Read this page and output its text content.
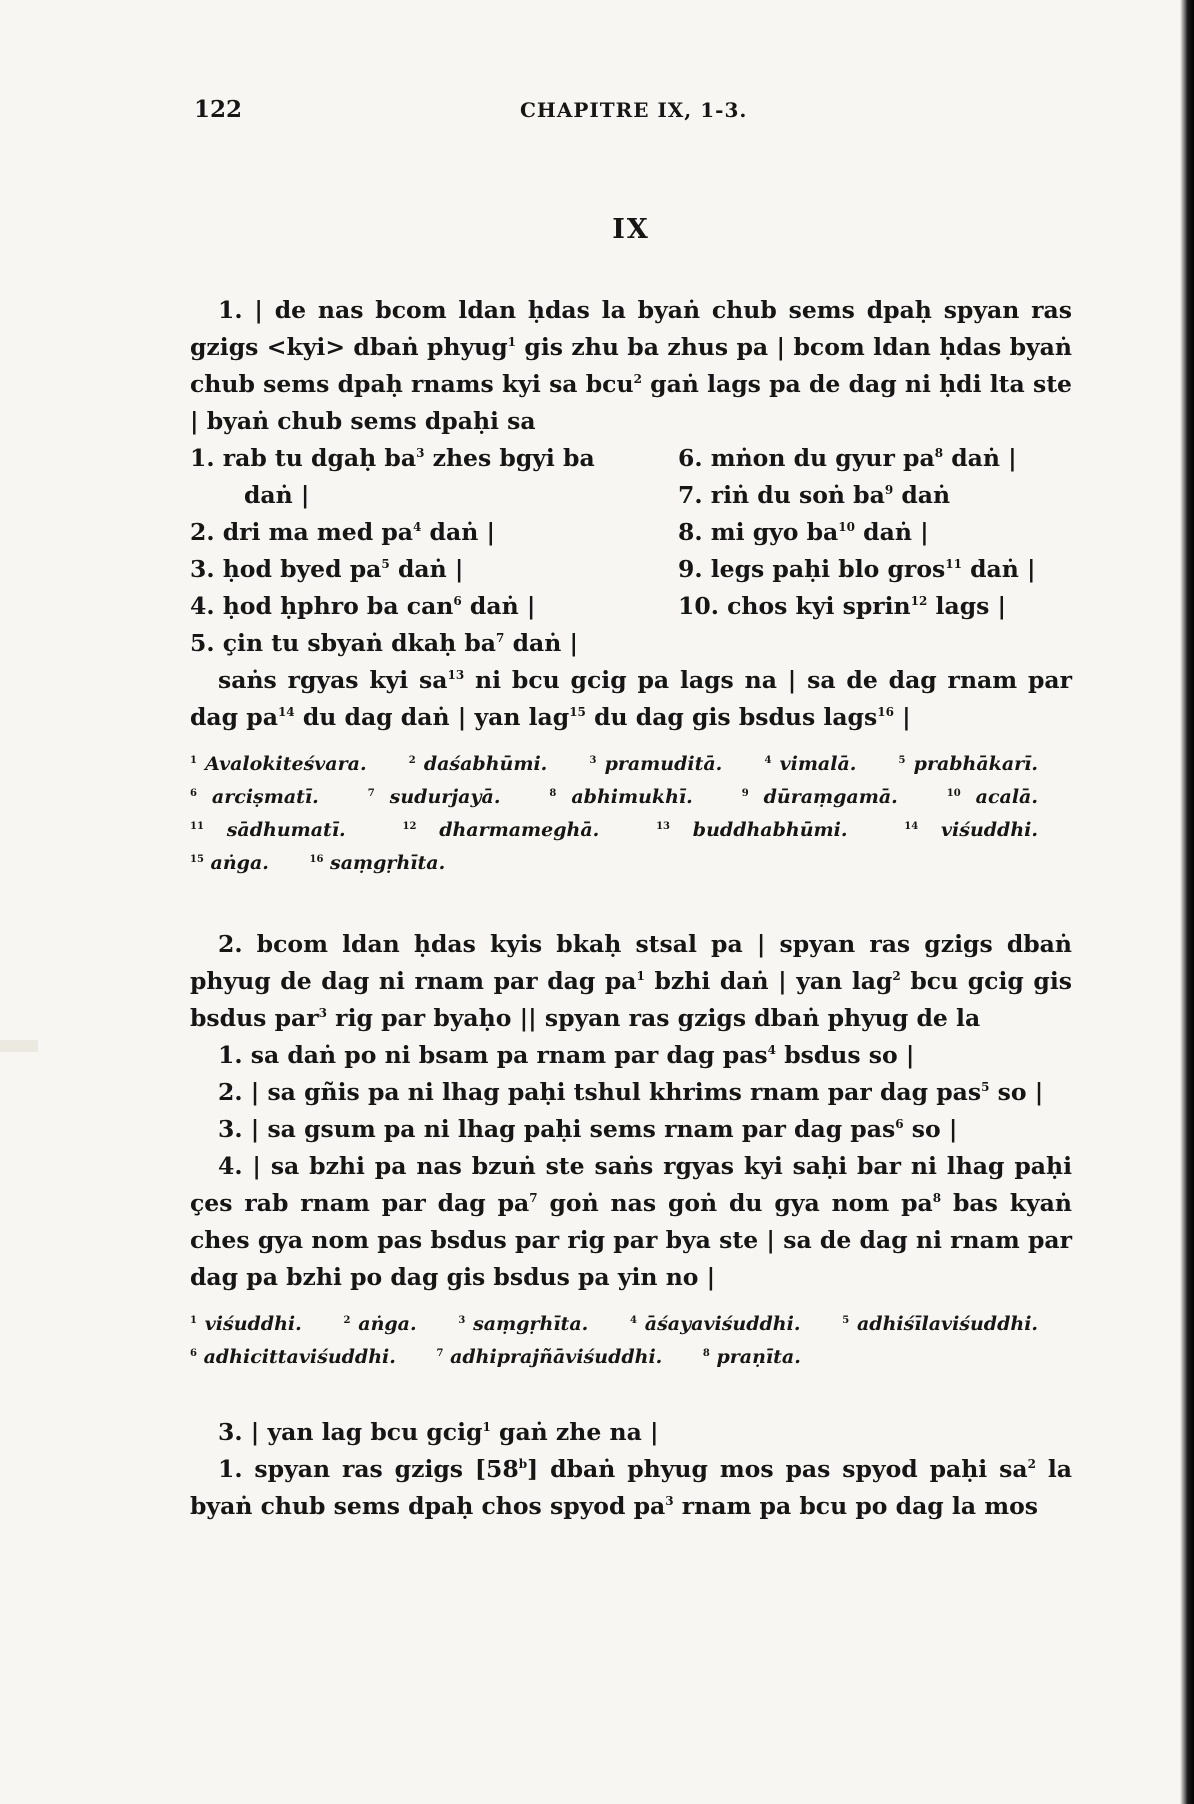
122	CHAPITRE IX, 1-3.
IX

1. | de nas bcom ldan ḥdas la byaṅ chub sems dpaḥ spyan ras gzigs <kyi> dbaṅ phyug$^1$ gis zhu ba zhus pa | bcom ldan ḥdas byaṅ chub sems dpaḥ rnams kyi sa bcu$^2$ gaṅ lags pa de dag ni ḥdi lta ste | byaṅ chub sems dpaḥi sa

1. rab tu dgaḥ $ba^3$ zhes bgyi ba
daṅ |
2. dri ma med $pa^4$ daṅ |
3. ḥod byed $pa^5$ daṅ |
4. ḥod ḥphro ba can$^6$ daṅ |
5. çin tu sbyaṅ dkaḥ $ba^7$ daṅ |
6. mṅon du gyur $pa^8$ daṅ |
7. riṅ du soṅ $ba^9$ daṅ
8. mi gyo $ba^{10}$ daṅ |
9. legs paḥi blo gros$^{11}$ daṅ |
10. chos kyi sprin$^{12}$ lags |

saṅs rgyas kyi $sa^{13}$ ni bcu gcig pa lags na | sa de dag rnam par dag $pa^{14}$ du dag daṅ | yan lag$^{15}$ du dag gis bsdus lags$^{16}$ |

$^1$ Avalokiteśvara.	$^2$ daśabhūmi.	$^3$ pramuditā.	$^4$ vimalā.	$^5$ prabhākarī. $^6$ arciṣmatī.	$^7$ sudurjayā.	$^8$ abhimukhī.	$^9$ dūraṃgamā.	$^{10}$ acalā. $^{11}$ sādhumatī.	$^{12}$ dharmameghā.	$^{13}$ buddhabhūmi.	$^{14}$ viśuddhi. $^{15}$ aṅga.	$^{16}$ saṃgṛhīta.

2. bcom ldan ḥdas kyis bkaḥ stsal pa | spyan ras gzigs dbaṅ phyug de dag ni rnam par dag $pa^1$ bzhi daṅ | yan lag$^2$ bcu gcig gis bsdus par$^3$ rig par byaḥo || spyan ras gzigs dbaṅ phyug de la

1. sa daṅ po ni bsam pa rnam par dag pas$^4$ bsdus so |
2. | sa gñis pa ni lhag paḥi tshul khrims rnam par dag pas$^5$ so |
3. | sa gsum pa ni lhag paḥi sems rnam par dag pas$^6$ so |

4. | sa bzhi pa nas bzuṅ ste saṅs rgyas kyi saḥi bar ni lhag paḥi çes rab rnam par dag $pa^7$ goṅ nas goṅ du gya nom $pa^8$ bas kyaṅ ches gya nom pas bsdus par rig par bya ste | sa de dag ni rnam par dag pa bzhi po dag gis bsdus pa yin no |

$^1$ viśuddhi.	$^2$ aṅga.	$^3$ saṃgṛhīta.	$^4$ āśayaviśuddhi.	$^5$ adhiśīlaviśuddhi. $^6$ adhicittaviśuddhi.	$^7$ adhiprajñāviśuddhi.	$^8$ praṇīta.

3. | yan lag bcu gcig$^1$ gaṅ zhe na |

1. spyan ras gzigs [58$^b$] dbaṅ phyug mos pas spyod paḥi $sa^2$ la byaṅ chub sems dpaḥ chos spyod $pa^3$ rnam pa bcu po dag la mos
